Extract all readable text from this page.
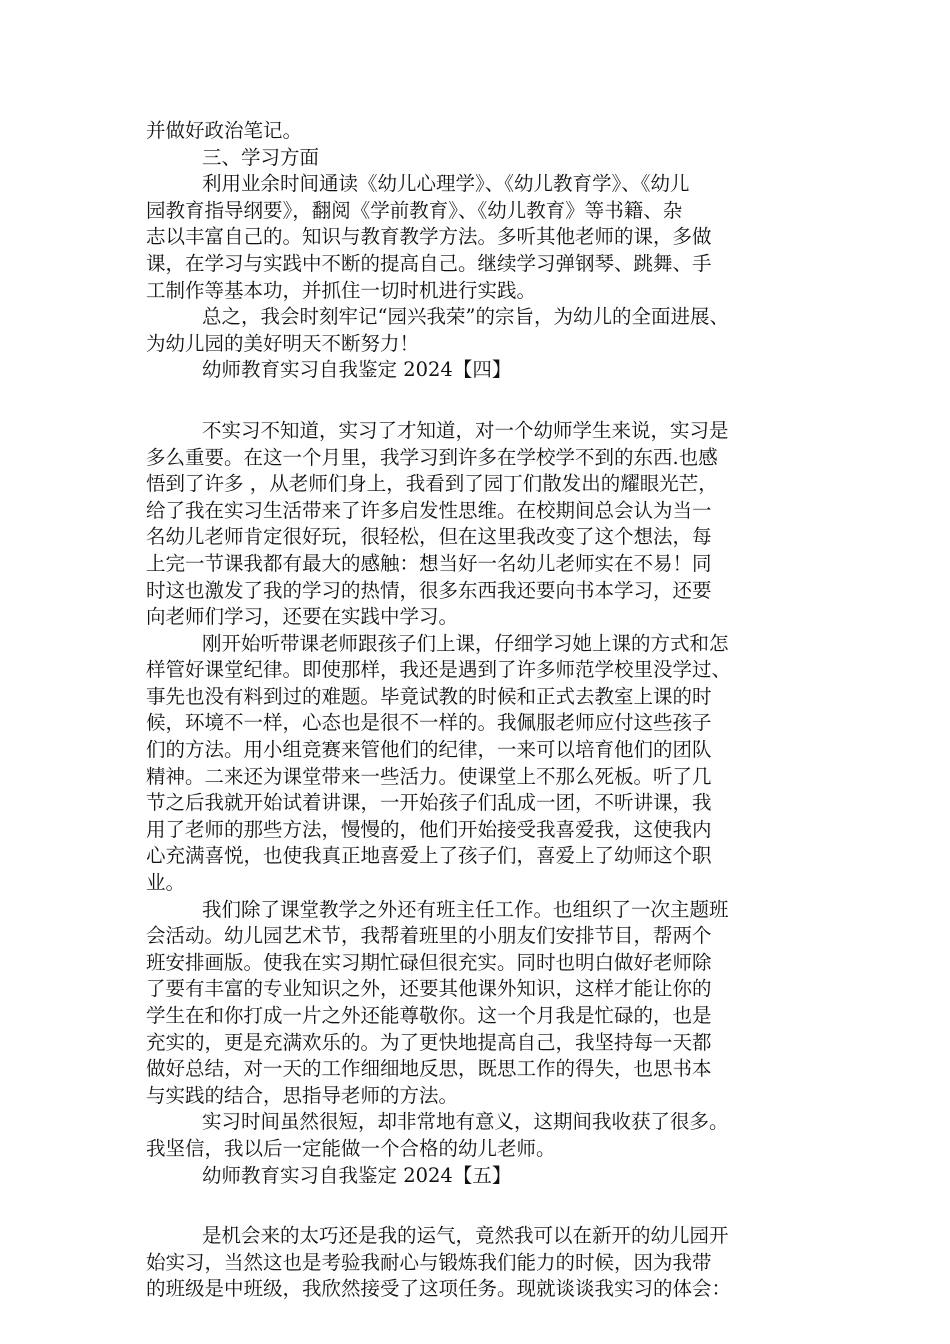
并做好政治笔记。

三、学习方面

利用业余时间通读《幼儿心理学》、《幼儿教育学》、《幼儿

园教育指导纲要》，翻阅《学前教育》、《幼儿教育》等书籍、杂

志以丰富自己的。知识与教育教学方法。多听其他老师的课，多做

课，在学习与实践中不断的提高自己。继续学习弹钢琴、跳舞、手

工制作等基本功，并抓住一切时机进行实践。

总之，我会时刻牢记“园兴我荣”的宗旨，为幼儿的全面进展、

为幼儿园的美好明天不断努力！

幼师教育实习自我鉴定 2024【四】

不实习不知道，实习了才知道，对一个幼师学生来说，实习是

多么重要。在这一个月里，我学习到许多在学校学不到的东西.也感

悟到了许多 ，从老师们身上，我看到了园丁们散发出的耀眼光芒，

给了我在实习生活带来了许多启发性思维。在校期间总会认为当一

名幼儿老师肯定很好玩，很轻松，但在这里我改变了这个想法，每

上完一节课我都有最大的感触：想当好一名幼儿老师实在不易！同

时这也激发了我的学习的热情，很多东西我还要向书本学习，还要

向老师们学习，还要在实践中学习。

刚开始听带课老师跟孩子们上课，仔细学习她上课的方式和怎

样管好课堂纪律。即使那样，我还是遇到了许多师范学校里没学过、

事先也没有料到过的难题。毕竟试教的时候和正式去教室上课的时

候，环境不一样，心态也是很不一样的。我佩服老师应付这些孩子

们的方法。用小组竞赛来管他们的纪律，一来可以培育他们的团队

精神。二来还为课堂带来一些活力。使课堂上不那么死板。听了几

节之后我就开始试着讲课，一开始孩子们乱成一团，不听讲课，我

用了老师的那些方法，慢慢的，他们开始接受我喜爱我，这使我内

心充满喜悦，也使我真正地喜爱上了孩子们，喜爱上了幼师这个职

业。

我们除了课堂教学之外还有班主任工作。也组织了一次主题班

会活动。幼儿园艺术节，我帮着班里的小朋友们安排节目，帮两个

班安排画版。使我在实习期忙碌但很充实。同时也明白做好老师除

了要有丰富的专业知识之外，还要其他课外知识，这样才能让你的

学生在和你打成一片之外还能尊敬你。这一个月我是忙碌的，也是

充实的，更是充满欢乐的。为了更快地提高自己，我坚持每一天都

做好总结，对一天的工作细细地反思，既思工作的得失，也思书本

与实践的结合，思指导老师的方法。

实习时间虽然很短，却非常地有意义，这期间我收获了很多。

我坚信，我以后一定能做一个合格的幼儿老师。

幼师教育实习自我鉴定 2024【五】

是机会来的太巧还是我的运气，竟然我可以在新开的幼儿园开

始实习，当然这也是考验我耐心与锻炼我们能力的时候，因为我带

的班级是中班级，我欣然接受了这项任务。现就谈谈我实习的体会：
